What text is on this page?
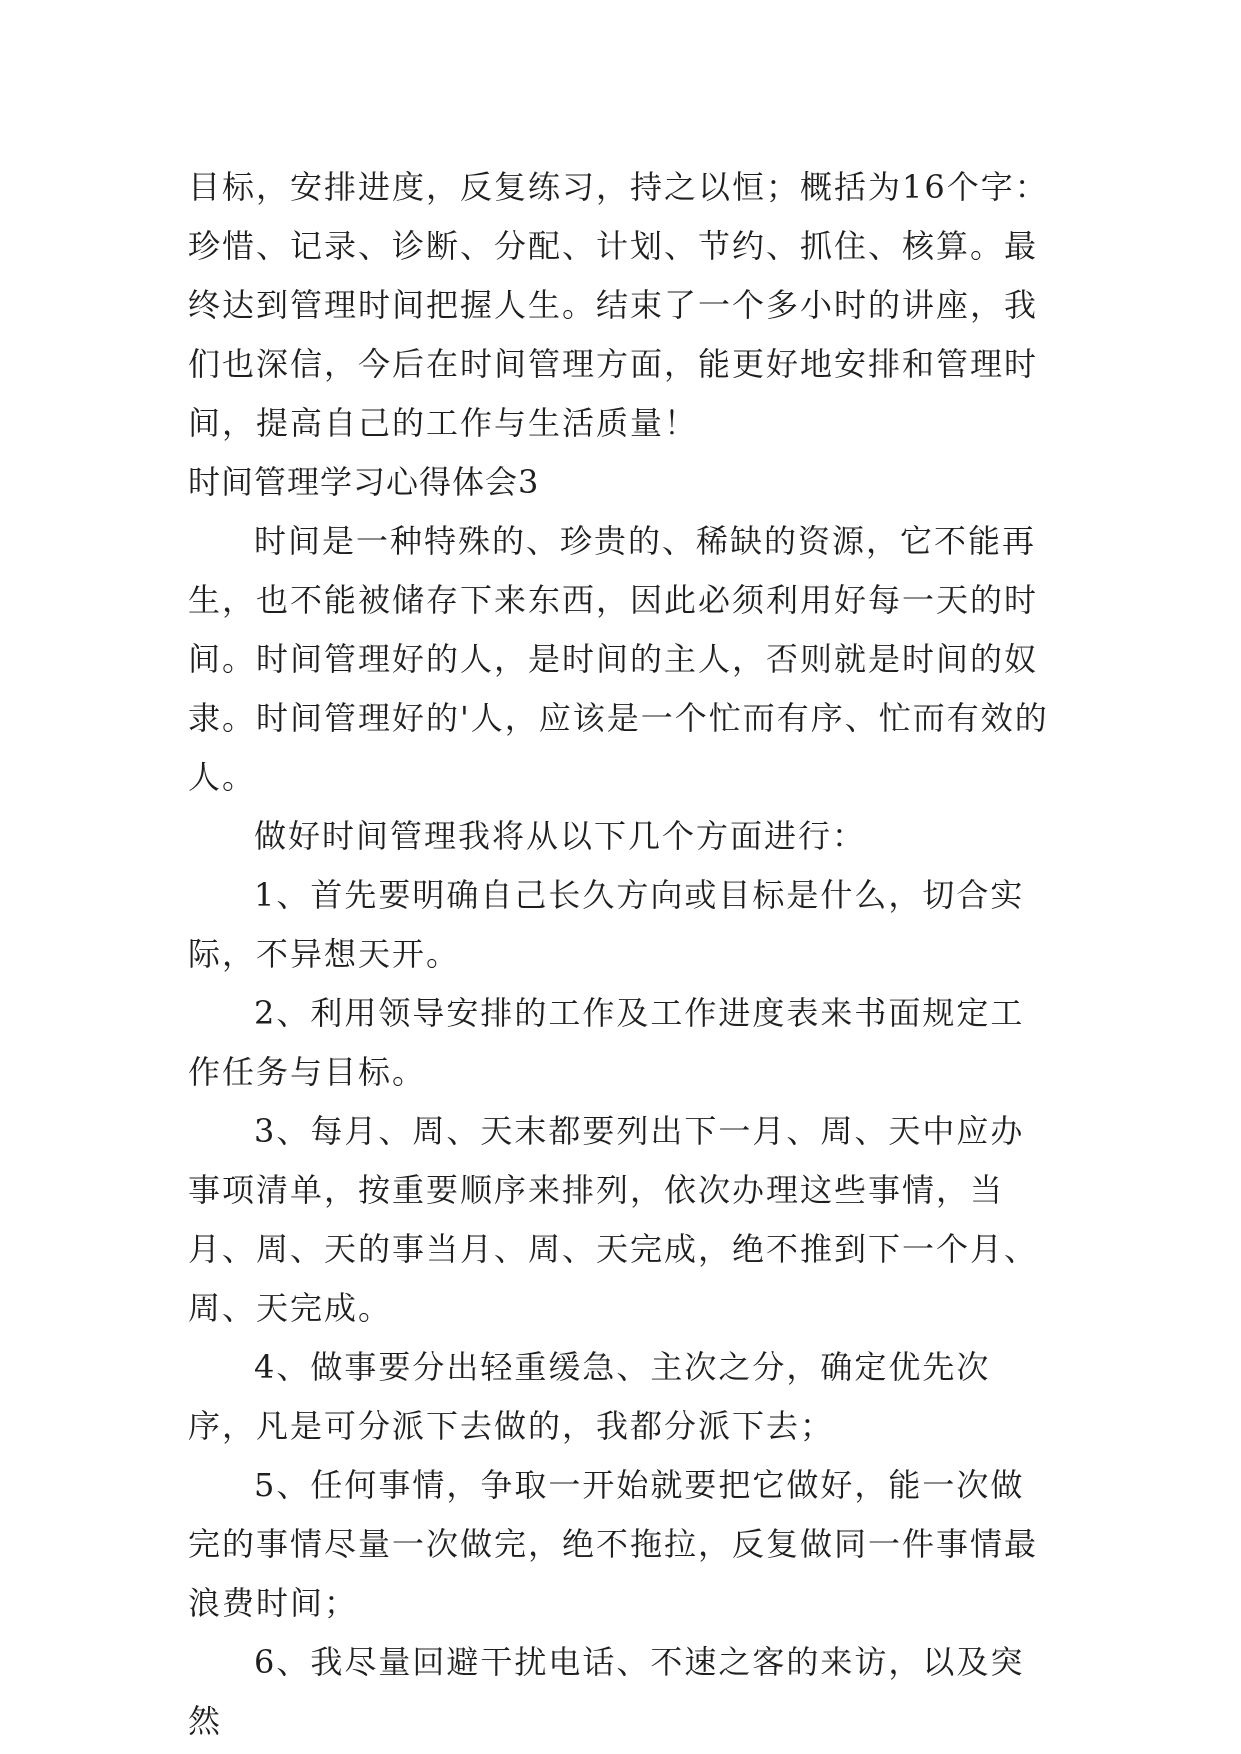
目标，安排进度，反复练习，持之以恒；概括为16个字：珍惜、记录、诊断、分配、计划、节约、抓住、核算。最终达到管理时间把握人生。结束了一个多小时的讲座，我们也深信，今后在时间管理方面，能更好地安排和管理时间，提高自己的工作与生活质量！

时间管理学习心得体会3

时间是一种特殊的、珍贵的、稀缺的资源，它不能再生，也不能被储存下来东西，因此必须利用好每一天的时间。时间管理好的人，是时间的主人，否则就是时间的奴隶。时间管理好的'人，应该是一个忙而有序、忙而有效的人。

做好时间管理我将从以下几个方面进行：

1、首先要明确自己长久方向或目标是什么，切合实际，不异想天开。

2、利用领导安排的工作及工作进度表来书面规定工作任务与目标。

3、每月、周、天末都要列出下一月、周、天中应办事项清单，按重要顺序来排列，依次办理这些事情，当月、周、天的事当月、周、天完成，绝不推到下一个月、周、天完成。

4、做事要分出轻重缓急、主次之分，确定优先次序，凡是可分派下去做的，我都分派下去；

5、任何事情，争取一开始就要把它做好，能一次做完的事情尽量一次做完，绝不拖拉，反复做同一件事情最浪费时间；

6、我尽量回避干扰电话、不速之客的来访，以及突然
